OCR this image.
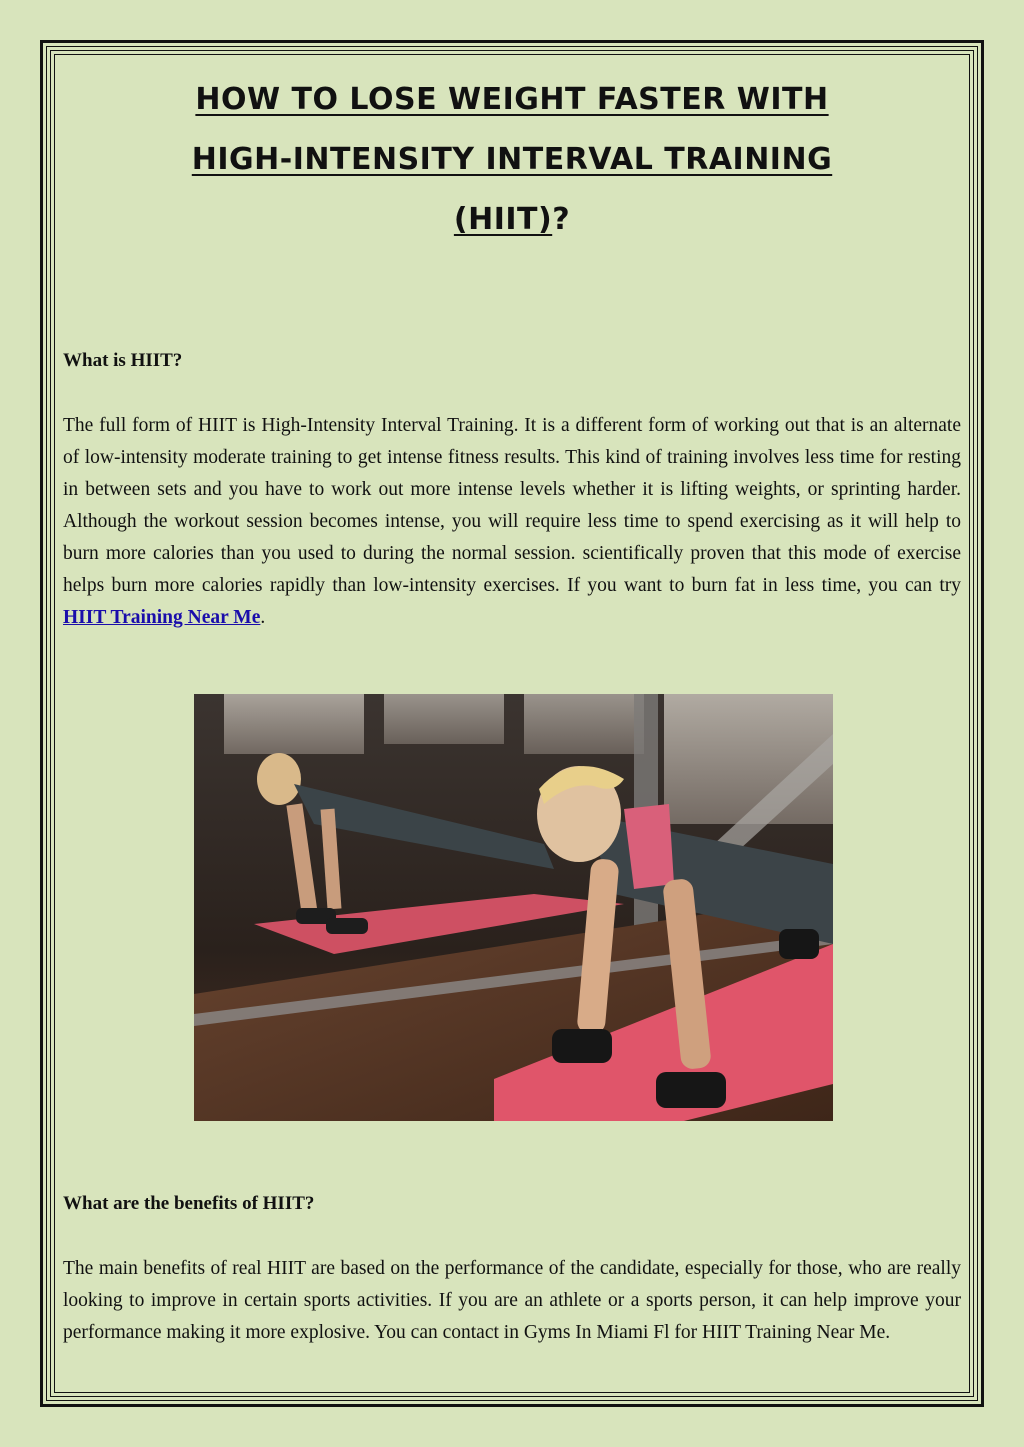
HOW TO LOSE WEIGHT FASTER WITH
HIGH-INTENSITY INTERVAL TRAINING
(HIIT)?

What is HIIT?

The full form of HIIT is High-Intensity Interval Training. It is a different form of working out that is an alternate of low-intensity moderate training to get intense fitness results. This kind of training involves less time for resting in between sets and you have to work out more intense levels whether it is lifting weights, or sprinting harder. Although the workout session becomes intense, you will require less time to spend exercising as it will help to burn more calories than you used to during the normal session. scientifically proven that this mode of exercise helps burn more calories rapidly than low-intensity exercises. If you want to burn fat in less time, you can try HIIT Training Near Me.

What are the benefits of HIIT?

The main benefits of real HIIT are based on the performance of the candidate, especially for those, who are really looking to improve in certain sports activities. If you are an athlete or a sports person, it can help improve your performance making it more explosive. You can contact in Gyms In Miami Fl for HIIT Training Near Me.
